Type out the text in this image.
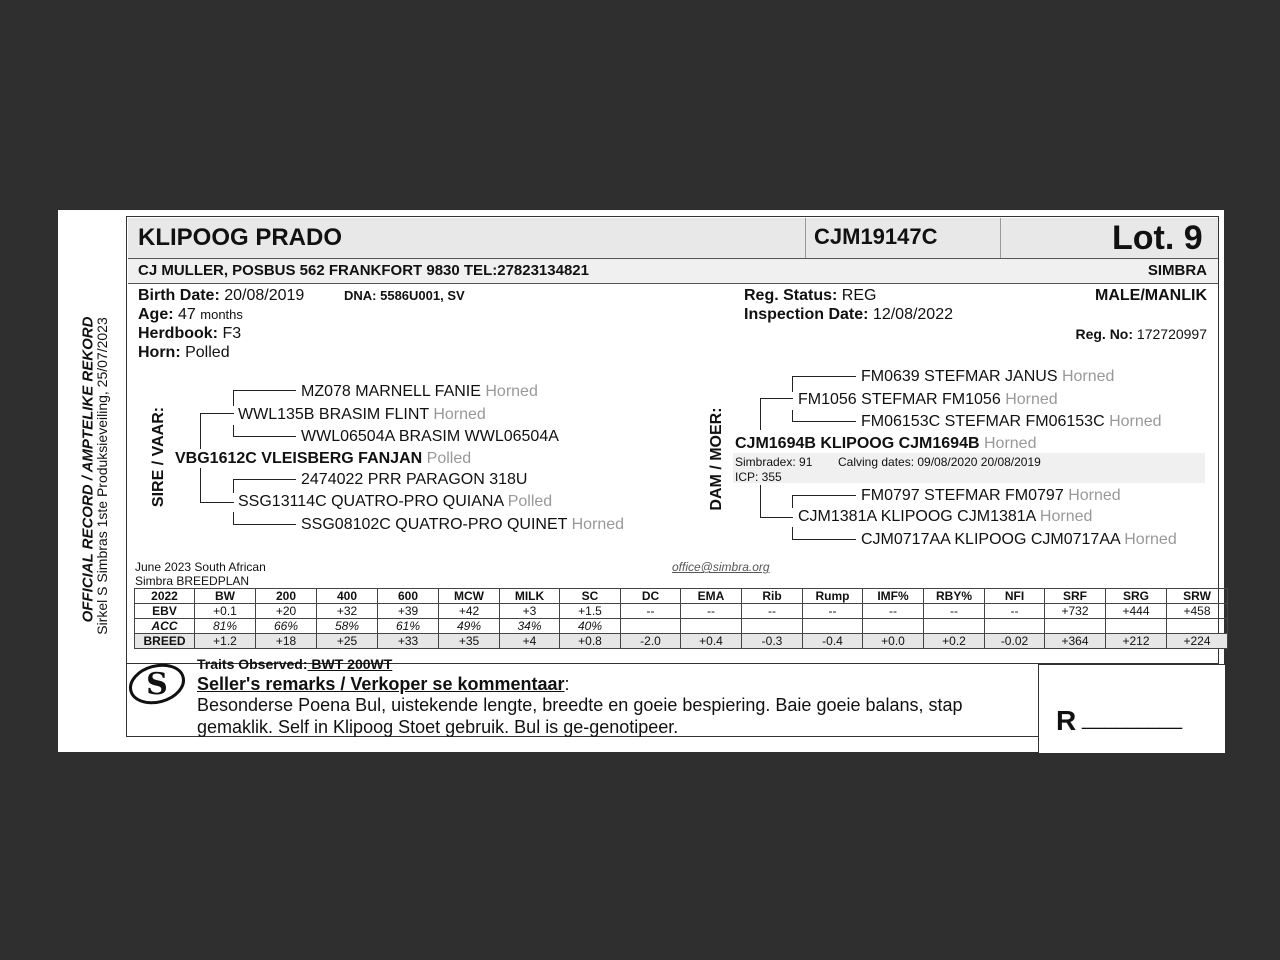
OFFICIAL RECORD / AMPTELIKE REKORD
Sirkel S Simbras 1ste Produksieveiling, 25/07/2023
KLIPOOG PRADO	CJM19147C	Lot. 9
CJ MULLER, POSBUS 562 FRANKFORT 9830 TEL:27823134821	SIMBRA
Birth Date: 20/08/2019	DNA: 5586U001, SV
Age: 47 months
Herdbook: F3
Horn: Polled
Reg. Status: REG
Inspection Date: 12/08/2022
MALE/MANLIK
Reg. No: 172720997
SIRE / VAAR:
MZ078 MARNELL FANIE Horned
WWL135B BRASIM FLINT Horned
WWL06504A BRASIM WWL06504A
VBG1612C VLEISBERG FANJAN Polled
2474022 PRR PARAGON 318U
SSG13114C QUATRO-PRO QUIANA Polled
SSG08102C QUATRO-PRO QUINET Horned
DAM / MOER:
FM0639 STEFMAR JANUS Horned
FM1056 STEFMAR FM1056 Horned
FM06153C STEFMAR FM06153C Horned
CJM1694B KLIPOOG CJM1694B Horned
Simbradex: 91 Calving dates: 09/08/2020 20/08/2019
ICP: 355
FM0797 STEFMAR FM0797 Horned
CJM1381A KLIPOOG CJM1381A Horned
CJM0717AA KLIPOOG CJM0717AA Horned
June 2023 South African
Simbra BREEDPLAN
office@simbra.org
2022	BW	200	400	600	MCW	MILK	SC	DC	EMA	Rib	Rump	IMF%	RBY%	NFI	SRF	SRG	SRW
EBV	+0.1	+20	+32	+39	+42	+3	+1.5	--	--	--	--	--	--	--	+732	+444	+458
ACC	81%	66%	58%	61%	49%	34%	40%										
BREED	+1.2	+18	+25	+33	+35	+4	+0.8	-2.0	+0.4	-0.3	-0.4	+0.0	+0.2	-0.02	+364	+212	+224
S
Traits Observed: BWT 200WT
Seller's remarks / Verkoper se kommentaar:
Besonderse Poena Bul, uistekende lengte, breedte en goeie bespiering. Baie goeie balans, stap
gemaklik. Self in Klipoog Stoet gebruik. Bul is ge-genotipeer.	R _________
